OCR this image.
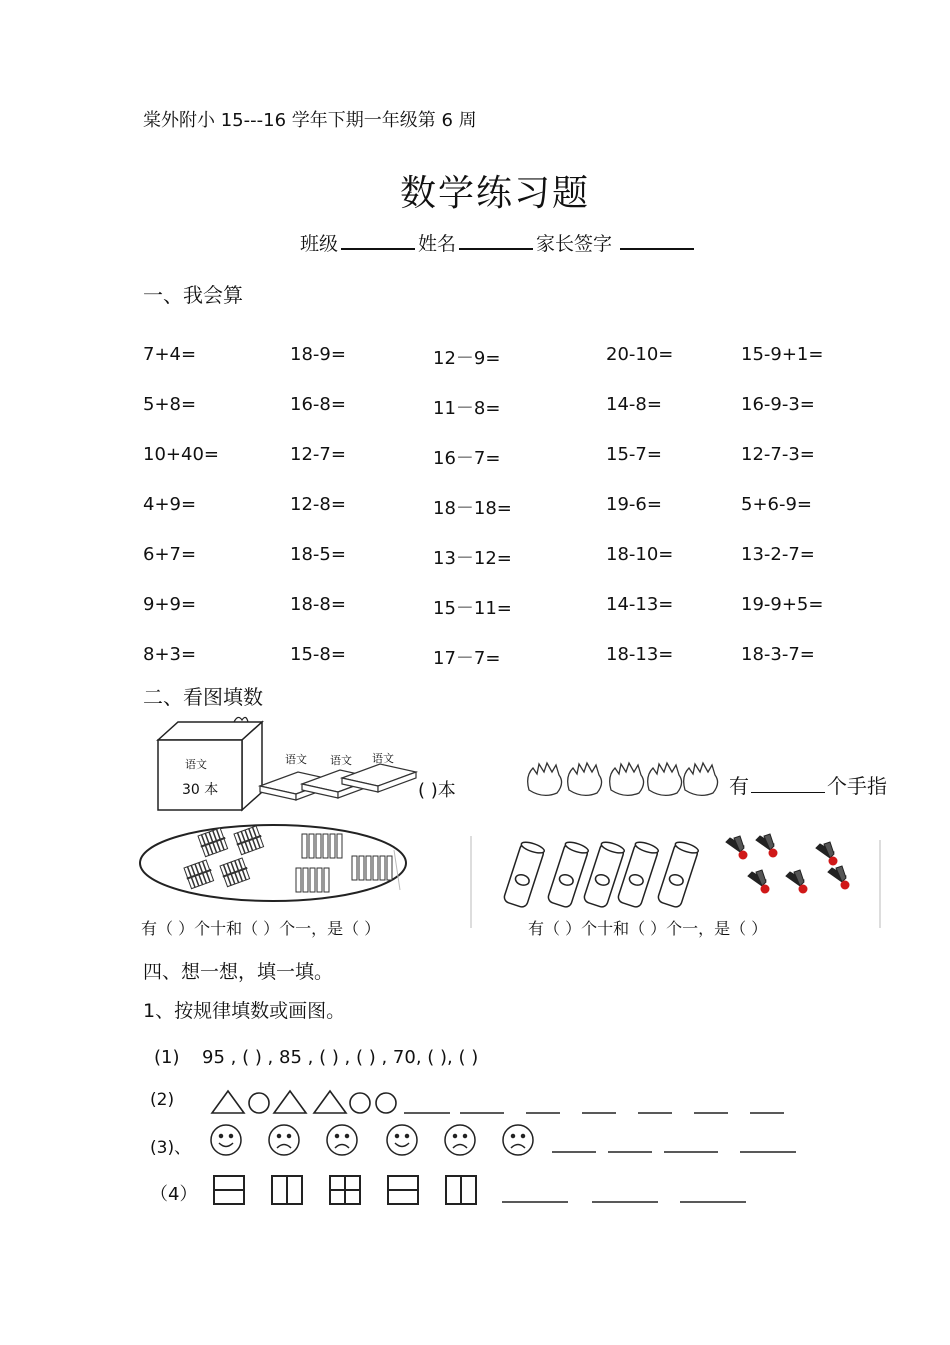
棠外附小 15---16 学年下期一年级第 6 周
数学练习题
班级	姓名	家长签字
一、我会算
7+4=	18-9=	12－9=	20-10=	15-9+1=
5+8=	16-8=	11－8=	14-8=	16-9-3=
10+40=	12-7=	16－7=	15-7=	12-7-3=
4+9=	12-8=	18－18=	19-6=	5+6-9=
6+7=	18-5=	13－12=	18-10=	13-2-7=
9+9=	18-8=	15－11=	14-13=	19-9+5=
8+3=	15-8=	17－7=	18-13=	18-3-7=
二、看图填数
语文
30 本
语文 语文 语文
( )本	有	个手指
有（ ）个十和（ ）个一，是（ ）	有（ ）个十和（ ）个一，是（ ）
四、想一想，填一填。
1、按规律填数或画图。
(1) 95 , ( ) , 85 , ( ) , ( ) , 70, ( ), ( )
(2)
(3)、
（4）
